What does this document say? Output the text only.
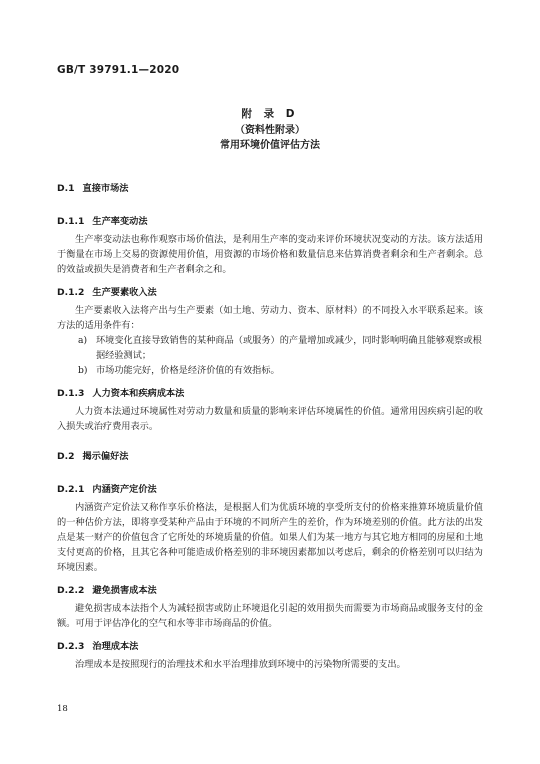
GB/T 39791.1—2020
附 录 D
（资料性附录）
常用环境价值评估方法
D.1 直接市场法
D.1.1 生产率变动法

生产率变动法也称作观察市场价值法，是利用生产率的变动来评价环境状况变动的方法。该方法适用于衡量在市场上交易的资源使用价值，用资源的市场价格和数量信息来估算消费者剩余和生产者剩余。总的效益或损失是消费者和生产者剩余之和。

D.1.2 生产要素收入法

生产要素收入法将产出与生产要素（如土地、劳动力、资本、原材料）的不同投入水平联系起来。该方法的适用条件有：

a) 环境变化直接导致销售的某种商品（或服务）的产量增加或减少，同时影响明确且能够观察或根据经验测试；
b) 市场功能完好，价格是经济价值的有效指标。
D.1.3 人力资本和疾病成本法

人力资本法通过环境属性对劳动力数量和质量的影响来评估环境属性的价值。通常用因疾病引起的收入损失或治疗费用表示。

D.2 揭示偏好法
D.2.1 内涵资产定价法

内涵资产定价法又称作享乐价格法，是根据人们为优质环境的享受所支付的价格来推算环境质量价值的一种估价方法，即将享受某种产品由于环境的不同所产生的差价，作为环境差别的价值。此方法的出发点是某一财产的价值包含了它所处的环境质量的价值。如果人们为某一地方与其它地方相同的房屋和土地支付更高的价格，且其它各种可能造成价格差别的非环境因素都加以考虑后，剩余的价格差别可以归结为环境因素。

D.2.2 避免损害成本法

避免损害成本法指个人为减轻损害或防止环境退化引起的效用损失而需要为市场商品或服务支付的金额。可用于评估净化的空气和水等非市场商品的价值。

D.2.3 治理成本法

治理成本是按照现行的治理技术和水平治理排放到环境中的污染物所需要的支出。

18
